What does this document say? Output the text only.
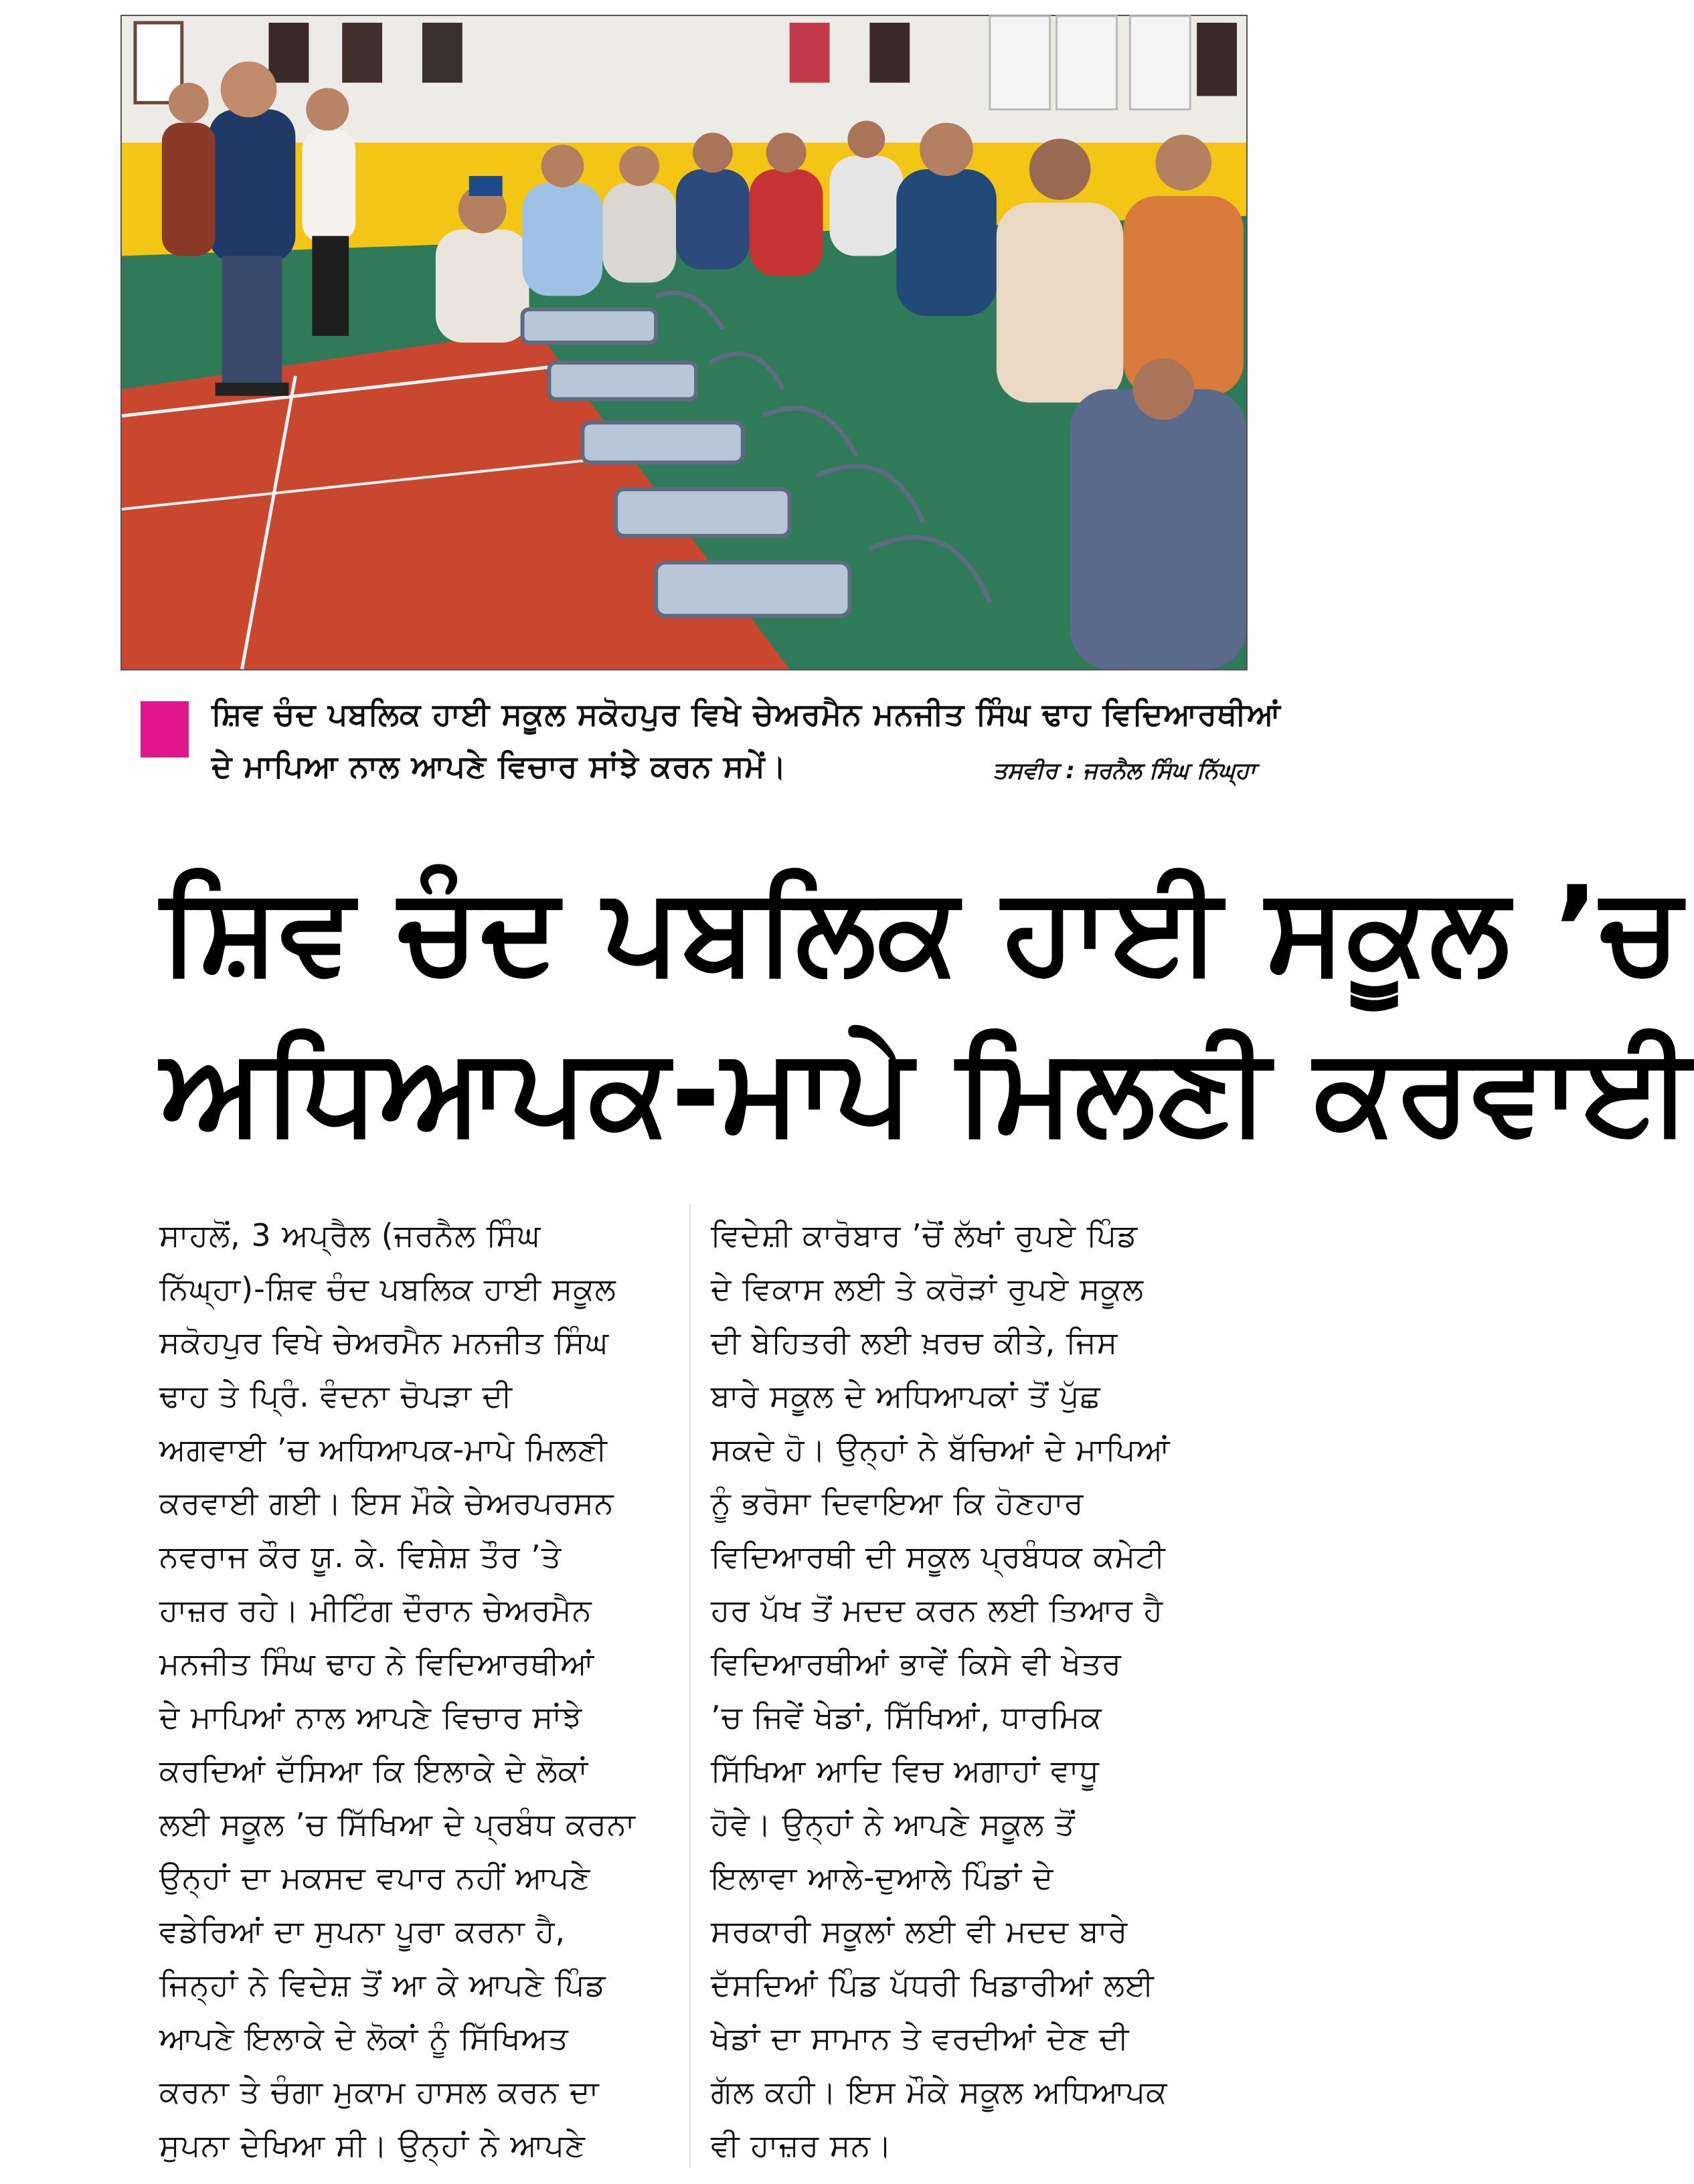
ਸ਼ਿਵ ਚੰਦ ਪਬਲਿਕ ਹਾਈ ਸਕੂਲ ਸਕੋਹਪੁਰ ਵਿਖੇ ਚੇਅਰਮੈਨ ਮਨਜੀਤ ਸਿੰਘ ਢਾਹ ਵਿਦਿਆਰਥੀਆਂ
ਦੇ ਮਾਪਿਆ ਨਾਲ ਆਪਣੇ ਵਿਚਾਰ ਸਾਂਝੇ ਕਰਨ ਸਮੇਂ।	ਤਸਵੀਰ : ਜਰਨੈਲ ਸਿੰਘ ਨਿੱਘ੍ਹਾ
ਸ਼ਿਵ ਚੰਦ ਪਬਲਿਕ ਹਾਈ ਸਕੂਲ ’ਚ
ਅਧਿਆਪਕ-ਮਾਪੇ ਮਿਲਣੀ ਕਰਵਾਈ
ਸਾਹਲੋਂ, 3 ਅਪ੍ਰੈਲ (ਜਰਨੈਲ ਸਿੰਘ
ਨਿੱਘ੍ਹਾ)-ਸ਼ਿਵ ਚੰਦ ਪਬਲਿਕ ਹਾਈ ਸਕੂਲ
ਸਕੋਹਪੁਰ ਵਿਖੇ ਚੇਅਰਮੈਨ ਮਨਜੀਤ ਸਿੰਘ
ਢਾਹ ਤੇ ਪ੍ਰਿੰ. ਵੰਦਨਾ ਚੋਪੜਾ ਦੀ
ਅਗਵਾਈ ’ਚ ਅਧਿਆਪਕ-ਮਾਪੇ ਮਿਲਣੀ
ਕਰਵਾਈ ਗਈ। ਇਸ ਮੌਕੇ ਚੇਅਰਪਰਸਨ
ਨਵਰਾਜ ਕੌਰ ਯੂ. ਕੇ. ਵਿਸ਼ੇਸ਼ ਤੌਰ ’ਤੇ
ਹਾਜ਼ਰ ਰਹੇ। ਮੀਟਿੰਗ ਦੌਰਾਨ ਚੇਅਰਮੈਨ
ਮਨਜੀਤ ਸਿੰਘ ਢਾਹ ਨੇ ਵਿਦਿਆਰਥੀਆਂ
ਦੇ ਮਾਪਿਆਂ ਨਾਲ ਆਪਣੇ ਵਿਚਾਰ ਸਾਂਝੇ
ਕਰਦਿਆਂ ਦੱਸਿਆ ਕਿ ਇਲਾਕੇ ਦੇ ਲੋਕਾਂ
ਲਈ ਸਕੂਲ ’ਚ ਸਿੱਖਿਆ ਦੇ ਪ੍ਰਬੰਧ ਕਰਨਾ
ਉਨ੍ਹਾਂ ਦਾ ਮਕਸਦ ਵਪਾਰ ਨਹੀਂ ਆਪਣੇ
ਵਡੇਰਿਆਂ ਦਾ ਸੁਪਨਾ ਪੂਰਾ ਕਰਨਾ ਹੈ,
ਜਿਨ੍ਹਾਂ ਨੇ ਵਿਦੇਸ਼ ਤੋਂ ਆ ਕੇ ਆਪਣੇ ਪਿੰਡ
ਆਪਣੇ ਇਲਾਕੇ ਦੇ ਲੋਕਾਂ ਨੂੰ ਸਿੱਖਿਅਤ
ਕਰਨਾ ਤੇ ਚੰਗਾ ਮੁਕਾਮ ਹਾਸਲ ਕਰਨ ਦਾ
ਸੁਪਨਾ ਦੇਖਿਆ ਸੀ। ਉਨ੍ਹਾਂ ਨੇ ਆਪਣੇ
ਵਿਦੇਸ਼ੀ ਕਾਰੋਬਾਰ ’ਚੋਂ ਲੱਖਾਂ ਰੁਪਏ ਪਿੰਡ
ਦੇ ਵਿਕਾਸ ਲਈ ਤੇ ਕਰੋੜਾਂ ਰੁਪਏ ਸਕੂਲ
ਦੀ ਬੇਹਿਤਰੀ ਲਈ ਖ਼ਰਚ ਕੀਤੇ, ਜਿਸ
ਬਾਰੇ ਸਕੂਲ ਦੇ ਅਧਿਆਪਕਾਂ ਤੋਂ ਪੁੱਛ
ਸਕਦੇ ਹੋ। ਉਨ੍ਹਾਂ ਨੇ ਬੱਚਿਆਂ ਦੇ ਮਾਪਿਆਂ
ਨੂੰ ਭਰੋਸਾ ਦਿਵਾਇਆ ਕਿ ਹੋਣਹਾਰ
ਵਿਦਿਆਰਥੀ ਦੀ ਸਕੂਲ ਪ੍ਰਬੰਧਕ ਕਮੇਟੀ
ਹਰ ਪੱਖ ਤੋਂ ਮਦਦ ਕਰਨ ਲਈ ਤਿਆਰ ਹੈ
ਵਿਦਿਆਰਥੀਆਂ ਭਾਵੇਂ ਕਿਸੇ ਵੀ ਖੇਤਰ
’ਚ ਜਿਵੇਂ ਖੇਡਾਂ, ਸਿੱਖਿਆਂ, ਧਾਰਮਿਕ
ਸਿੱਖਿਆ ਆਦਿ ਵਿਚ ਅਗਾਹਾਂ ਵਾਧੂ
ਹੋਵੇ। ਉਨ੍ਹਾਂ ਨੇ ਆਪਣੇ ਸਕੂਲ ਤੋਂ
ਇਲਾਵਾ ਆਲੇ-ਦੁਆਲੇ ਪਿੰਡਾਂ ਦੇ
ਸਰਕਾਰੀ ਸਕੂਲਾਂ ਲਈ ਵੀ ਮਦਦ ਬਾਰੇ
ਦੱਸਦਿਆਂ ਪਿੰਡ ਪੱਧਰੀ ਖਿਡਾਰੀਆਂ ਲਈ
ਖੇਡਾਂ ਦਾ ਸਾਮਾਨ ਤੇ ਵਰਦੀਆਂ ਦੇਣ ਦੀ
ਗੱਲ ਕਹੀ। ਇਸ ਮੌਕੇ ਸਕੂਲ ਅਧਿਆਪਕ
ਵੀ ਹਾਜ਼ਰ ਸਨ।
